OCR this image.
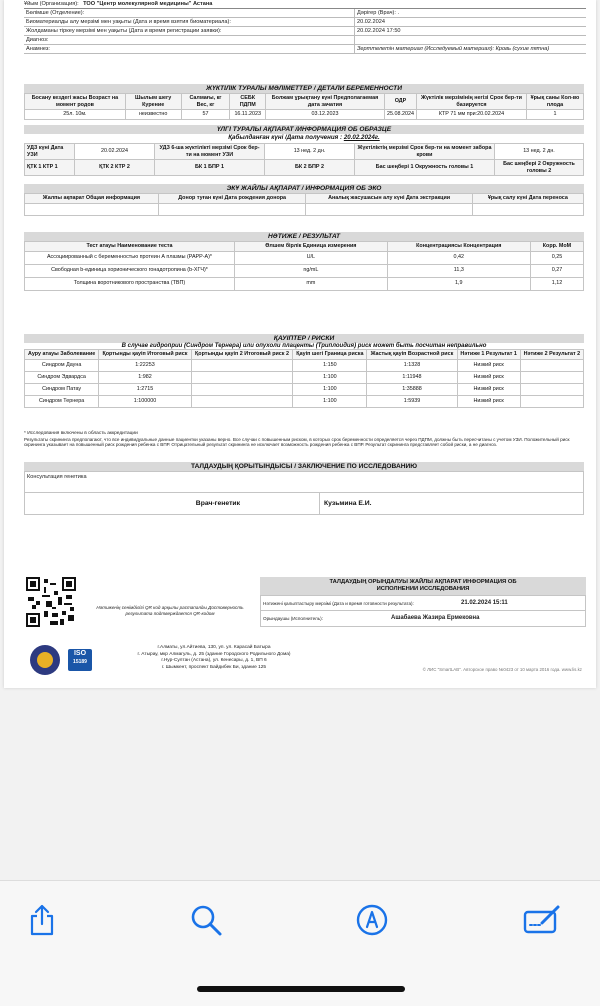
Ұйым (Организация):
ТОО "Центр молекулярной медицины" Астана
Бөлімше (Отделение):	Дәрігер (Врач):
.
Биоматериалды алу мерзімі мен уақыты (Дата и время взятия биоматериала):	20.02.2024
Жолдаманы тіркеу мерзімі мен уақыты (Дата и время регистрации заявки):	20.02.2024 17:50
Диагноз:
Анамнез:	Зерттелетін материал (Исследуемый материал): Кровь (сухие пятна)
ЖҮКТІЛІК ТУРАЛЫ МӘЛІМЕТТЕР / ДЕТАЛИ БЕРЕМЕННОСТИ
Босану кездегі жасы Возраст на момент родов	Шылым шегу Курение	Салмағы, кг Вес, кг	СЕБК ПДПМ	Болжам ұрықтану күні Предполагаемая дата зачатия	ОДР	Жүктілік мерзімінің негізі Срок бер-ти базируется	Ұрық саны Кол-во плода
25л. 10м.	неизвестно	57	16.11.2023	03.12.2023	25.08.2024	КТР 71 мм при:20.02.2024	1
ҮЛГІ ТУРАЛЫ АҚПАРАТ /ИНФОРМАЦИЯ ОБ ОБРАЗЦЕ
Қабылданған күні /Дата получения : 20.02.2024г.
УДЗ күні Дата УЗИ	20.02.2024	УДЗ 6-ша жүктілікті мерзімі Срок бер-ти на момент УЗИ	13 нед. 2 дн.	Жүктіліктің мерзімі Срок бер-ти на момент забора крови	13 нед. 2 дн.
ҚТК 1 КТР 1	ҚТК 2 КТР 2	БК 1 БПР 1	БК 2 БПР 2	Бас шеңбері 1 Окружность головы 1	Бас шеңбері 2 Окружность головы 2
ЭКҰ ЖАЙЛЫ АҚПАРАТ / ИНФОРМАЦИЯ ОБ ЭКО
Жалпы ақпарат Общая информация	Донор туған күні Дата рождения донора	Аналық жасушасын алу күні Дата экстракции	Ұрық салу күні Дата переноса

НӘТИЖЕ / РЕЗУЛЬТАТ
Тест атауы Наименование теста	Өлшем бірлік Единица измерения	Концентрациясы Концентрация	Корр. МоМ
Ассоциированный с беременностью протеин А плазмы (PAPP-A)*	U/L	0,42	0,25
Свободная b-единица хорионического гонадотропина (b-ХГЧ)*	ng/mL	11,3	0,27
Толщина воротникового пространства (ТВП)	mm	1,9	1,12
ҚАУІПТЕР / РИСКИ
В случае гидроприи (Синдром Тернера) или опухоли плаценты (Триплоидия) риск может быть посчитан неправильно
Ауру атауы Заболевание	Қортынды қауіп Итоговый риск	Қортынды қауіп 2 Итоговый риск 2	Қауіп шегі Граница риска	Жастық қауіп Возрастной риск	Нәтиже 1 Результат 1	Нәтиже 2 Результат 2
Синдром Дауна	1:22253		1:150	1:1328	Низкий риск	
Синдром Эдвардса	1:982		1:100	1:11948	Низкий риск	
Синдром Патау	1:2715		1:100	1:35888	Низкий риск	
Синдром Тернера	1:100000		1:100	1:5939	Низкий риск	
* Исследования включены в область аккредитации
Результаты скрининга предполагают, что все индивидуальные данные пациентки указаны верно. Все случаи с повышенным риском, в которых срок беременности определяется через ПДПМ, должны быть пересчитаны с учетом УЗИ. Положительный риск скрининга указывает на повышенный риск рождения ребенка с ВПР. Отрицательный результат скрининга не исключает возможность рождения ребенка с ВПР. Результат скрининга представляет собой риски, а не диагноз.
ТАЛДАУДЫҢ ҚОРЫТЫНДЫСЫ / ЗАКЛЮЧЕНИЕ ПО ИССЛЕДОВАНИЮ
Консультация генетика
Врач-генетик	Кузьмина Е.И.
Нәтиженің сенімділігі QR код арқылы растапалды Достоверность результата подтверждается QR-кодом
ТАЛДАУДЫҢ ОРЫНДАЛУЫ ЖАЙЛЫ АҚПАРАТ ИНФОРМАЦИЯ ОБ ИСПОЛНЕНИИ ИССЛЕДОВАНИЯ
Нәтижені қалыптастыру мерзімі (Дата и время готовности результата):	21.02.2024 15:11
Орындаушы (Исполнитель):	Ашабаева Жазира Ермековна
ISO
15189
г.Алматы, ул.Айтиева, 130, уп. ул. Карасай Батыра
г. Атырау, мкр Алмагуль, д. 25 (здание Городского Родильного Дома)
г.Нур-Султан (Астана), ул. Кенесары, д. 1, ВП 6
г. Шымкент, проспект Байдибек Би, здание 125	© ЛИС "SmartLAB". Авторское право №0423 от 10 марта 2016 года. www.lis.kz
